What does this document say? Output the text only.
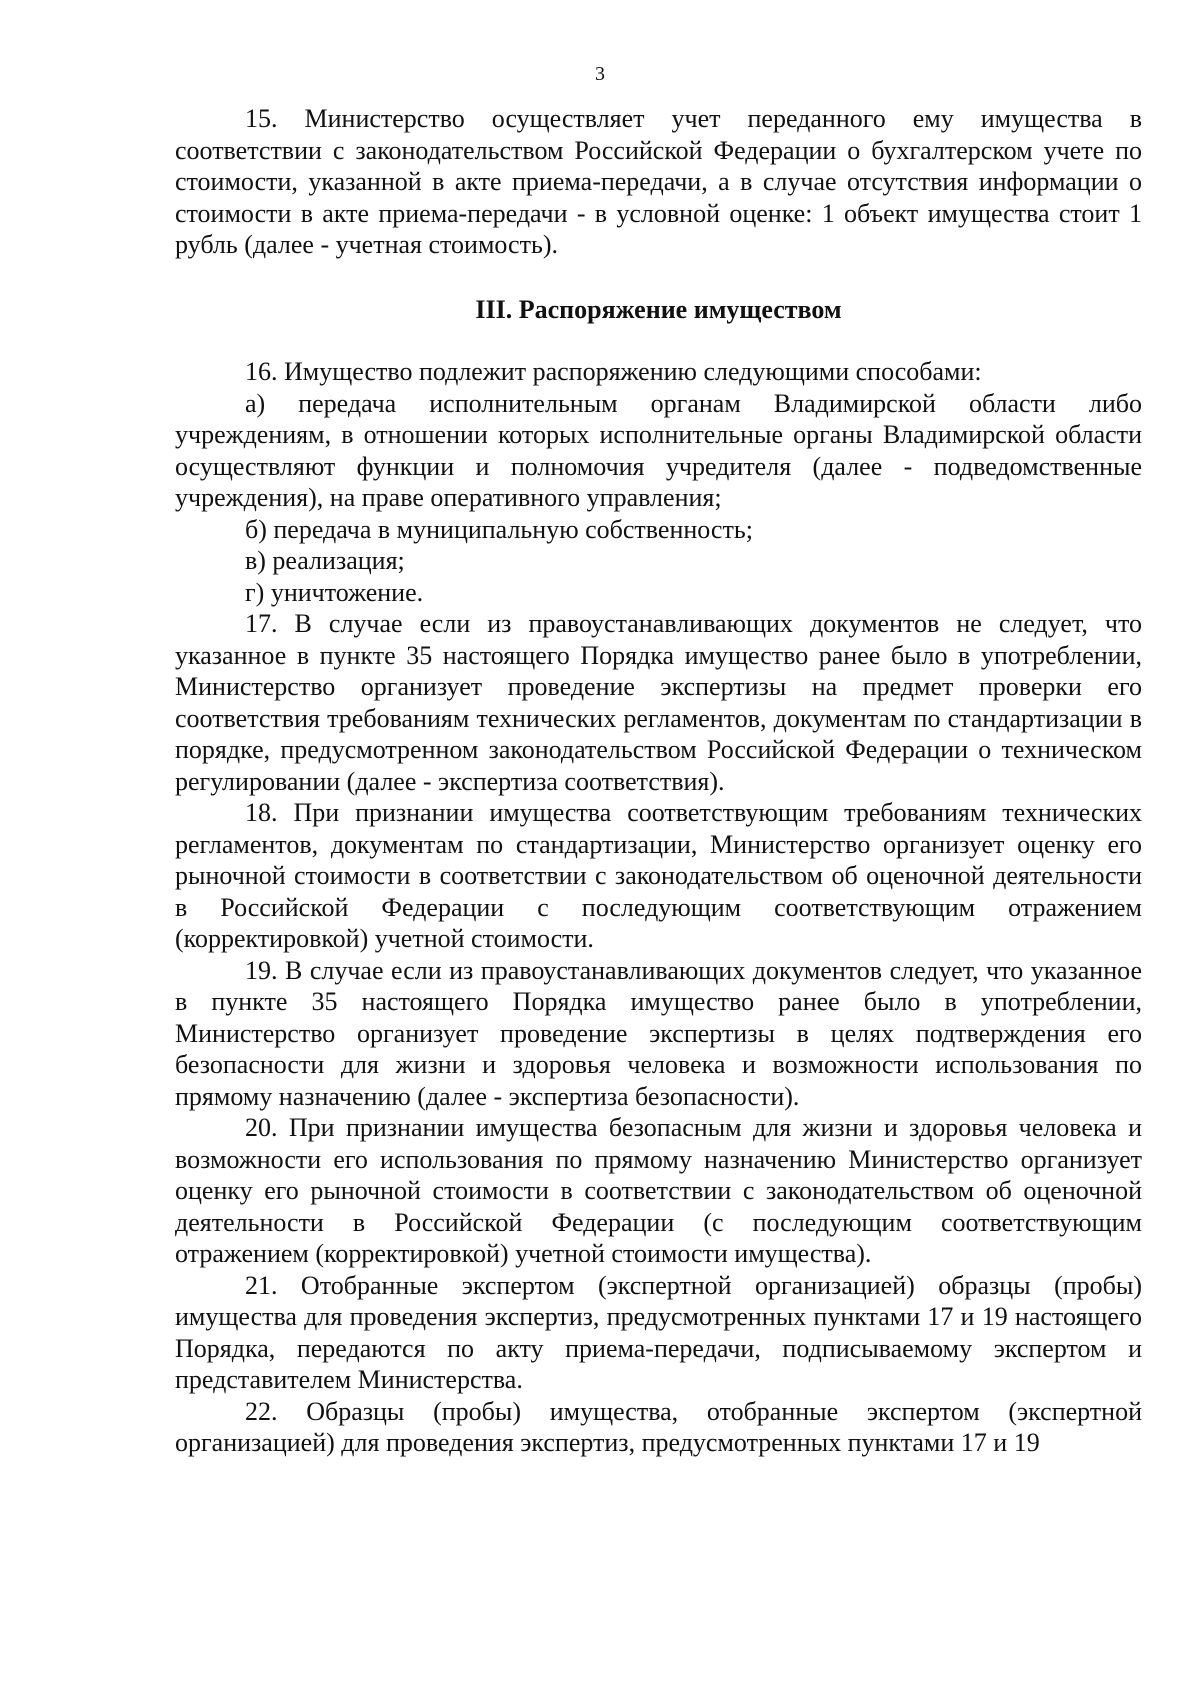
3

15. Министерство осуществляет учет переданного ему имущества в соответствии с законодательством Российской Федерации о бухгалтерском учете по стоимости, указанной в акте приема-передачи, а в случае отсутствия информации о стоимости в акте приема-передачи - в условной оценке: 1 объект имущества стоит 1 рубль (далее - учетная стоимость).

III. Распоряжение имуществом

16. Имущество подлежит распоряжению следующими способами:

а) передача исполнительным органам Владимирской области либо учреждениям, в отношении которых исполнительные органы Владимирской области осуществляют функции и полномочия учредителя (далее - подведомственные учреждения), на праве оперативного управления;

б) передача в муниципальную собственность;

в) реализация;

г) уничтожение.

17. В случае если из правоустанавливающих документов не следует, что указанное в пункте 35 настоящего Порядка имущество ранее было в употреблении, Министерство организует проведение экспертизы на предмет проверки его соответствия требованиям технических регламентов, документам по стандартизации в порядке, предусмотренном законодательством Российской Федерации о техническом регулировании (далее - экспертиза соответствия).

18. При признании имущества соответствующим требованиям технических регламентов, документам по стандартизации, Министерство организует оценку его рыночной стоимости в соответствии с законодательством об оценочной деятельности в Российской Федерации с последующим соответствующим отражением (корректировкой) учетной стоимости.

19. В случае если из правоустанавливающих документов следует, что указанное в пункте 35 настоящего Порядка имущество ранее было в употреблении, Министерство организует проведение экспертизы в целях подтверждения его безопасности для жизни и здоровья человека и возможности использования по прямому назначению (далее - экспертиза безопасности).

20. При признании имущества безопасным для жизни и здоровья человека и возможности его использования по прямому назначению Министерство организует оценку его рыночной стоимости в соответствии с законодательством об оценочной деятельности в Российской Федерации (с последующим соответствующим отражением (корректировкой) учетной стоимости имущества).

21. Отобранные экспертом (экспертной организацией) образцы (пробы) имущества для проведения экспертиз, предусмотренных пунктами 17 и 19 настоящего Порядка, передаются по акту приема-передачи, подписываемому экспертом и представителем Министерства.

22. Образцы (пробы) имущества, отобранные экспертом (экспертной организацией) для проведения экспертиз, предусмотренных пунктами 17 и 19
